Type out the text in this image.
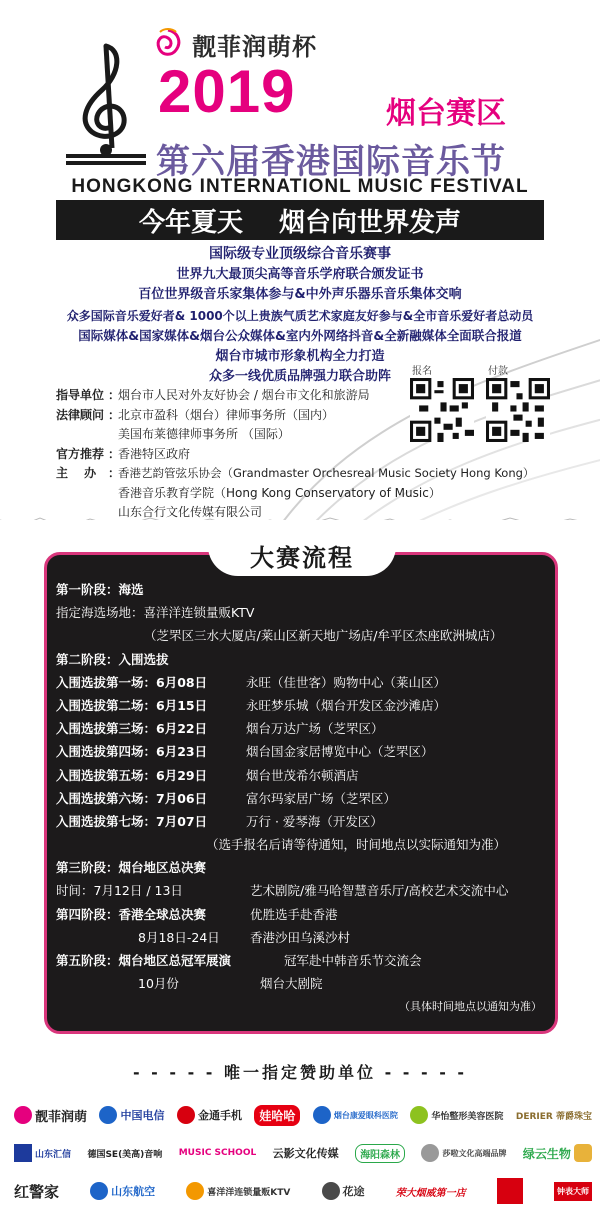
靓菲润萌杯
2019	烟台赛区
第六届香港国际音乐节
HONGKONG INTERNATIONL MUSIC FESTIVAL
今年夏天 烟台向世界发声
国际级专业顶级综合音乐赛事
世界九大最顶尖高等音乐学府联合颁发证书
百位世界级音乐家集体参与&中外声乐器乐音乐集体交响
众多国际音乐爱好者& 1000个以上贵族气质艺术家庭友好参与&全市音乐爱好者总动员
国际媒体&国家媒体&烟台公众媒体&室内外网络抖音&全新融媒体全面联合报道
烟台市城市形象机构全力打造
众多一线优质品牌强力联合助阵	报名	付款
指导单位 ：
烟台市人民对外友好协会 / 烟台市文化和旅游局
法律顾问 ：
北京市盈科（烟台）律师事务所（国内）
美国布莱德律师事务所 （国际）
官方推荐 ：
香港特区政府
主　 办 ：
香港艺韵管弦乐协会（Grandmaster Orchesreal Music Society Hong Kong）
香港音乐教育学院（Hong Kong Conservatory of Music）
山东合行文化传媒有限公司
大赛流程
第一阶段：海选
指定海选场地：喜洋洋连锁量贩KTV
（芝罘区三水大厦店/莱山区新天地广场店/牟平区杰座欧洲城店）
第二阶段：入围选拔
入围选拔第一场：6月08日	永旺（佳世客）购物中心（莱山区）
入围选拔第二场：6月15日	永旺梦乐城（烟台开发区金沙滩店）
入围选拔第三场：6月22日	烟台万达广场（芝罘区）
入围选拔第四场：6月23日	烟台国金家居博览中心（芝罘区）
入围选拔第五场：6月29日	烟台世茂希尔顿酒店
入围选拔第六场：7月06日	富尔玛家居广场（芝罘区）
入围选拔第七场：7月07日	万行 · 爱琴海（开发区）
（选手报名后请等待通知，时间地点以实际通知为准）
第三阶段：烟台地区总决赛
时间：7月12日 / 13日	艺术剧院/雅马哈智慧音乐厅/高校艺术交流中心
第四阶段：香港全球总决赛	优胜选手赴香港
8月18日-24日	香港沙田乌溪沙村
第五阶段：烟台地区总冠军展演	冠军赴中韩音乐节交流会
10月份	烟台大剧院
（具体时间地点以通知为准）
- - - - - 唯一指定赞助单位 - - - - -
靓菲润萌	中国电信	金通手机	娃哈哈	烟台康爱眼科医院	华怡整形美容医院 DERIER 蒂爵珠宝
山东汇信 德国SE(美高)音响 MUSIC SCHOOL 云影文化传媒	海阳森林	莎啦文化高端品牌 绿云生物
红警家	山东航空	喜洋洋连锁量贩KTV	花途	荣大烟威第一店	钟表大师
